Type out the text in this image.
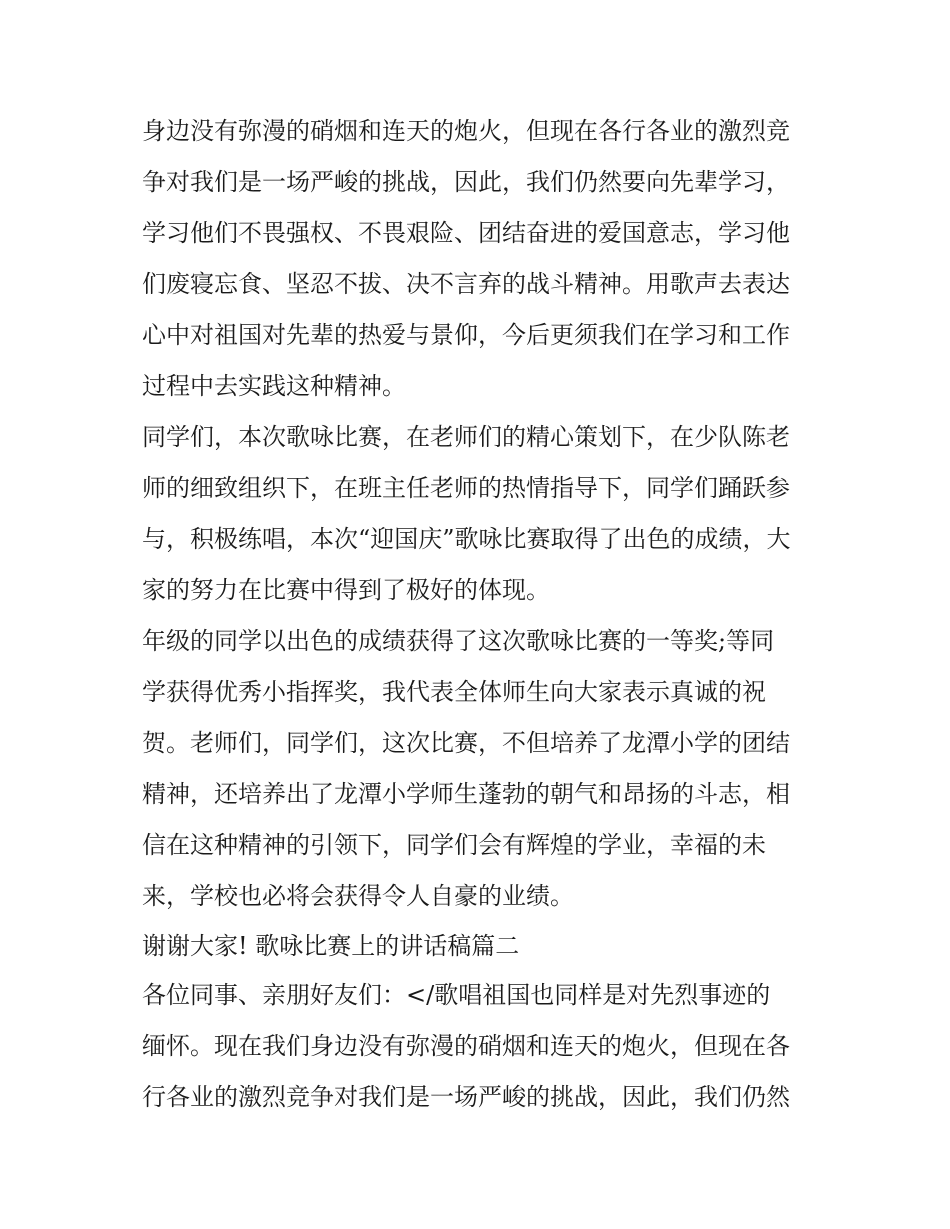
身边没有弥漫的硝烟和连天的炮火，但现在各行各业的激烈竞
争对我们是一场严峻的挑战，因此，我们仍然要向先辈学习，
学习他们不畏强权、不畏艰险、团结奋进的爱国意志，学习他
们废寝忘食、坚忍不拔、决不言弃的战斗精神。用歌声去表达
心中对祖国对先辈的热爱与景仰，今后更须我们在学习和工作
过程中去实践这种精神。
同学们，本次歌咏比赛，在老师们的精心策划下，在少队陈老
师的细致组织下，在班主任老师的热情指导下，同学们踊跃参
与，积极练唱，本次“迎国庆”歌咏比赛取得了出色的成绩，大
家的努力在比赛中得到了极好的体现。
年级的同学以出色的成绩获得了这次歌咏比赛的一等奖;等同
学获得优秀小指挥奖，我代表全体师生向大家表示真诚的祝
贺。老师们，同学们，这次比赛，不但培养了龙潭小学的团结
精神，还培养出了龙潭小学师生蓬勃的朝气和昂扬的斗志，相
信在这种精神的引领下，同学们会有辉煌的学业，幸福的未
来，学校也必将会获得令人自豪的业绩。
谢谢大家! 歌咏比赛上的讲话稿篇二
各位同事、亲朋好友们：</歌唱祖国也同样是对先烈事迹的
缅怀。现在我们身边没有弥漫的硝烟和连天的炮火，但现在各
行各业的激烈竞争对我们是一场严峻的挑战，因此，我们仍然
